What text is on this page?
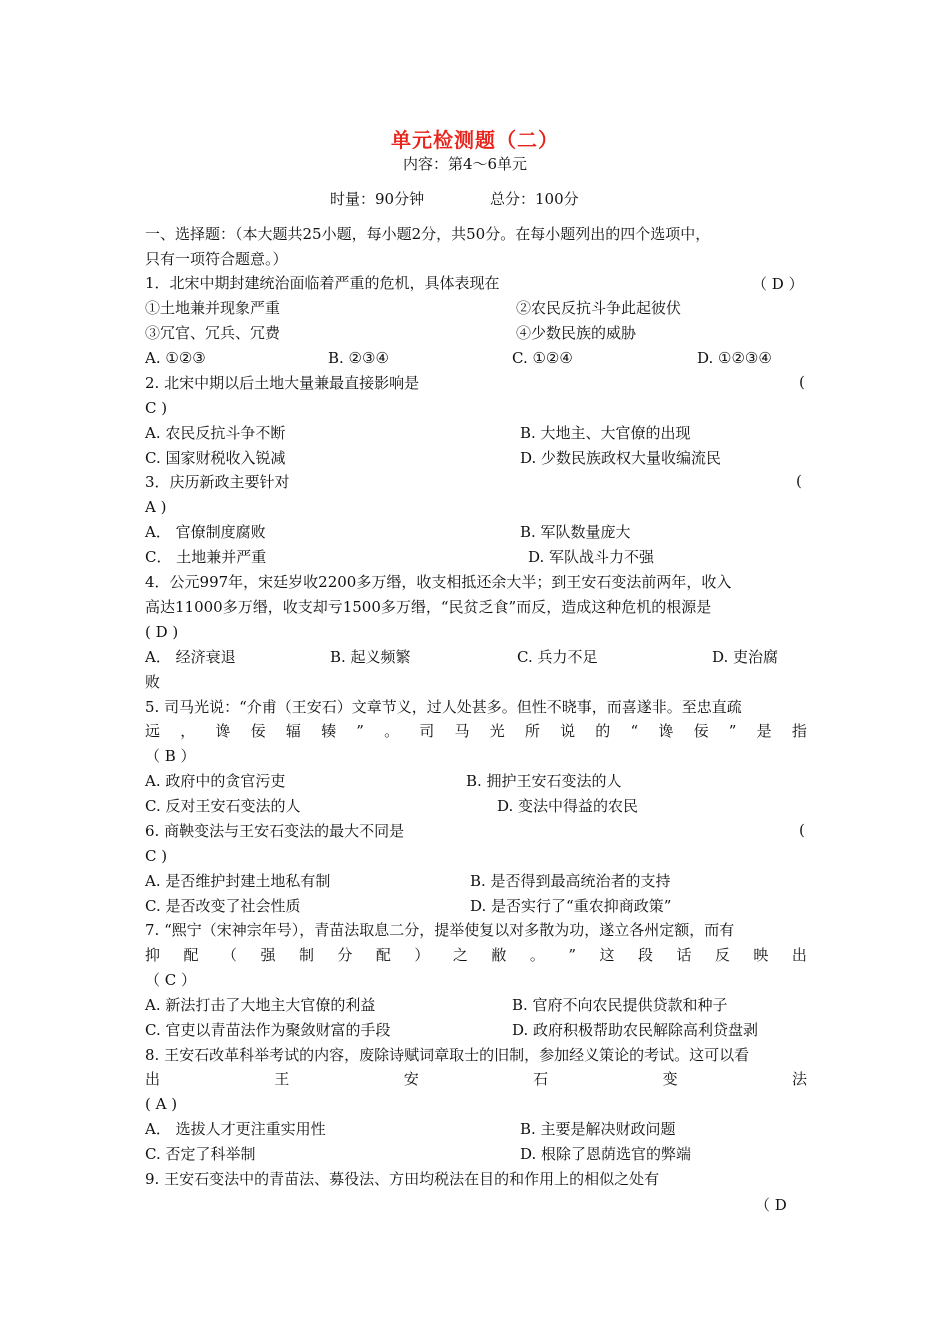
单元检测题（二）
内容：第4～6单元
时量：90分钟	总分：100分
一、选择题：（本大题共25小题，每小题2分，共50分。在每小题列出的四个选项中，
只有一项符合题意。）
1．北宋中期封建统治面临着严重的危机，具体表现在	（ D ）
①土地兼并现象严重	②农民反抗斗争此起彼伏
③冗官、冗兵、冗费	④少数民族的威胁
A. ①②③	B. ②③④	C. ①②④	D. ①②③④
2. 北宋中期以后土地大量兼最直接影响是	(
C )
A. 农民反抗斗争不断	B. 大地主、大官僚的出现
C. 国家财税收入锐减	D. 少数民族政权大量收编流民
3．庆历新政主要针对	(
A )
A． 官僚制度腐败	B. 军队数量庞大
C． 土地兼并严重	D. 军队战斗力不强
4．公元997年，宋廷岁收2200多万缗，收支相抵还余大半；到王安石变法前两年，收入
高达11000多万缗，收支却亏1500多万缗，“民贫乏食”而反，造成这种危机的根源是
( D )
A． 经济衰退	B. 起义频繁	C. 兵力不足	D. 吏治腐
败
5. 司马光说：“介甫（王安石）文章节义，过人处甚多。但性不晓事，而喜遂非。至忠直疏
远 ， 谗 佞 辐 辏 ” 。 司 马 光 所 说 的 “ 谗 佞 ” 是 指
（ B ）
A. 政府中的贪官污吏	B. 拥护王安石变法的人
C. 反对王安石变法的人	D. 变法中得益的农民
6. 商鞅变法与王安石变法的最大不同是	(
C )
A. 是否维护封建土地私有制	B. 是否得到最高统治者的支持
C. 是否改变了社会性质	D. 是否实行了“重农抑商政策”
7. “熙宁（宋神宗年号），青苗法取息二分，提举使复以对多散为功，遂立各州定额，而有
抑 配 （ 强 制 分 配 ） 之 敝 。 ” 这 段 话 反 映 出
（ C ）
A. 新法打击了大地主大官僚的利益	B. 官府不向农民提供贷款和种子
C. 官吏以青苗法作为聚敛财富的手段	D. 政府积极帮助农民解除高利贷盘剥
8. 王安石改革科举考试的内容，废除诗赋词章取士的旧制，参加经义策论的考试。这可以看
出	王	安	石	变	法
( A )
A． 选拔人才更注重实用性	B. 主要是解决财政问题
C. 否定了科举制	D. 根除了恩荫选官的弊端
9. 王安石变法中的青苗法、募役法、方田均税法在目的和作用上的相似之处有
（ D
